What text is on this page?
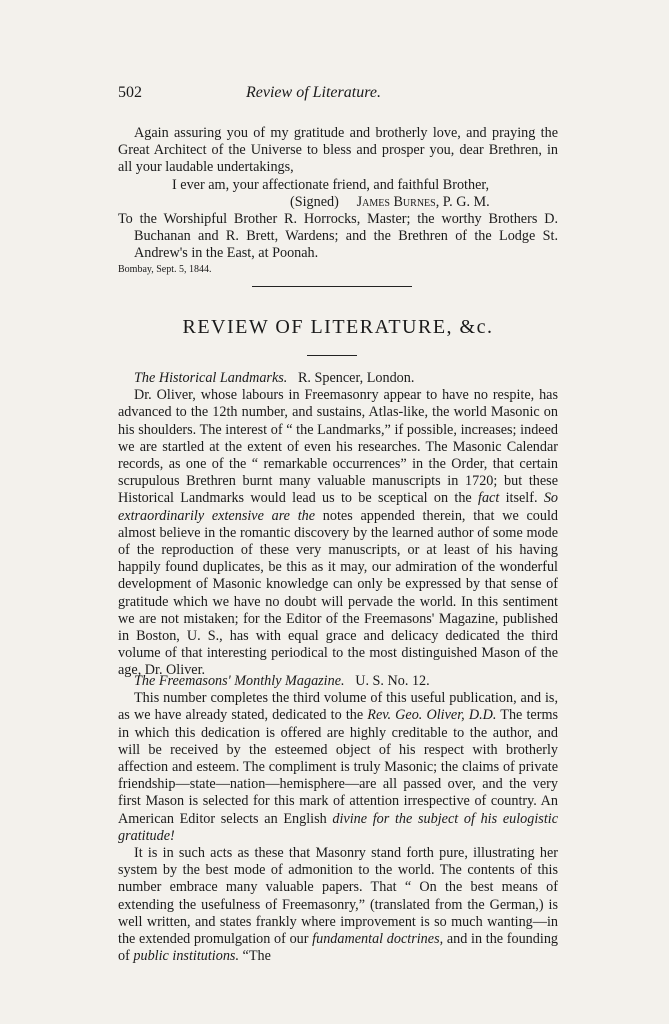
502	Review of Literature.

Again assuring you of my gratitude and brotherly love, and praying the Great Architect of the Universe to bless and prosper you, dear Brethren, in all your laudable undertakings,

I ever am, your affectionate friend, and faithful Brother,

(Signed) James Burnes, P. G. M.

To the Worshipful Brother R. Horrocks, Master; the worthy Brothers D. Buchanan and R. Brett, Wardens; and the Brethren of the Lodge St. Andrew's in the East, at Poonah.

Bombay, Sept. 5, 1844.

REVIEW OF LITERATURE, &c.

The Historical Landmarks. R. Spencer, London.

Dr. Oliver, whose labours in Freemasonry appear to have no respite, has advanced to the 12th number, and sustains, Atlas-like, the world Masonic on his shoulders. The interest of “ the Landmarks,” if possible, increases; indeed we are startled at the extent of even his researches. The Masonic Calendar records, as one of the “ remarkable occurrences” in the Order, that certain scrupulous Brethren burnt many valuable manuscripts in 1720; but these Historical Landmarks would lead us to be sceptical on the fact itself. So extraordinarily extensive are the notes appended therein, that we could almost believe in the romantic discovery by the learned author of some mode of the reproduction of these very manuscripts, or at least of his having happily found duplicates, be this as it may, our admiration of the wonderful development of Masonic knowledge can only be expressed by that sense of gratitude which we have no doubt will pervade the world. In this sentiment we are not mistaken; for the Editor of the Freemasons' Magazine, published in Boston, U. S., has with equal grace and delicacy dedicated the third volume of that interesting periodical to the most distinguished Mason of the age, Dr. Oliver.

The Freemasons' Monthly Magazine. U. S. No. 12.

This number completes the third volume of this useful publication, and is, as we have already stated, dedicated to the Rev. Geo. Oliver, D.D. The terms in which this dedication is offered are highly creditable to the author, and will be received by the esteemed object of his respect with brotherly affection and esteem. The compliment is truly Masonic; the claims of private friendship—state—nation—hemisphere—are all passed over, and the very first Mason is selected for this mark of attention irrespective of country. An American Editor selects an English divine for the subject of his eulogistic gratitude!

It is in such acts as these that Masonry stand forth pure, illustrating her system by the best mode of admonition to the world. The contents of this number embrace many valuable papers. That “ On the best means of extending the usefulness of Freemasonry,” (translated from the German,) is well written, and states frankly where improvement is so much wanting—in the extended promulgation of our fundamental doctrines, and in the founding of public institutions. “The
